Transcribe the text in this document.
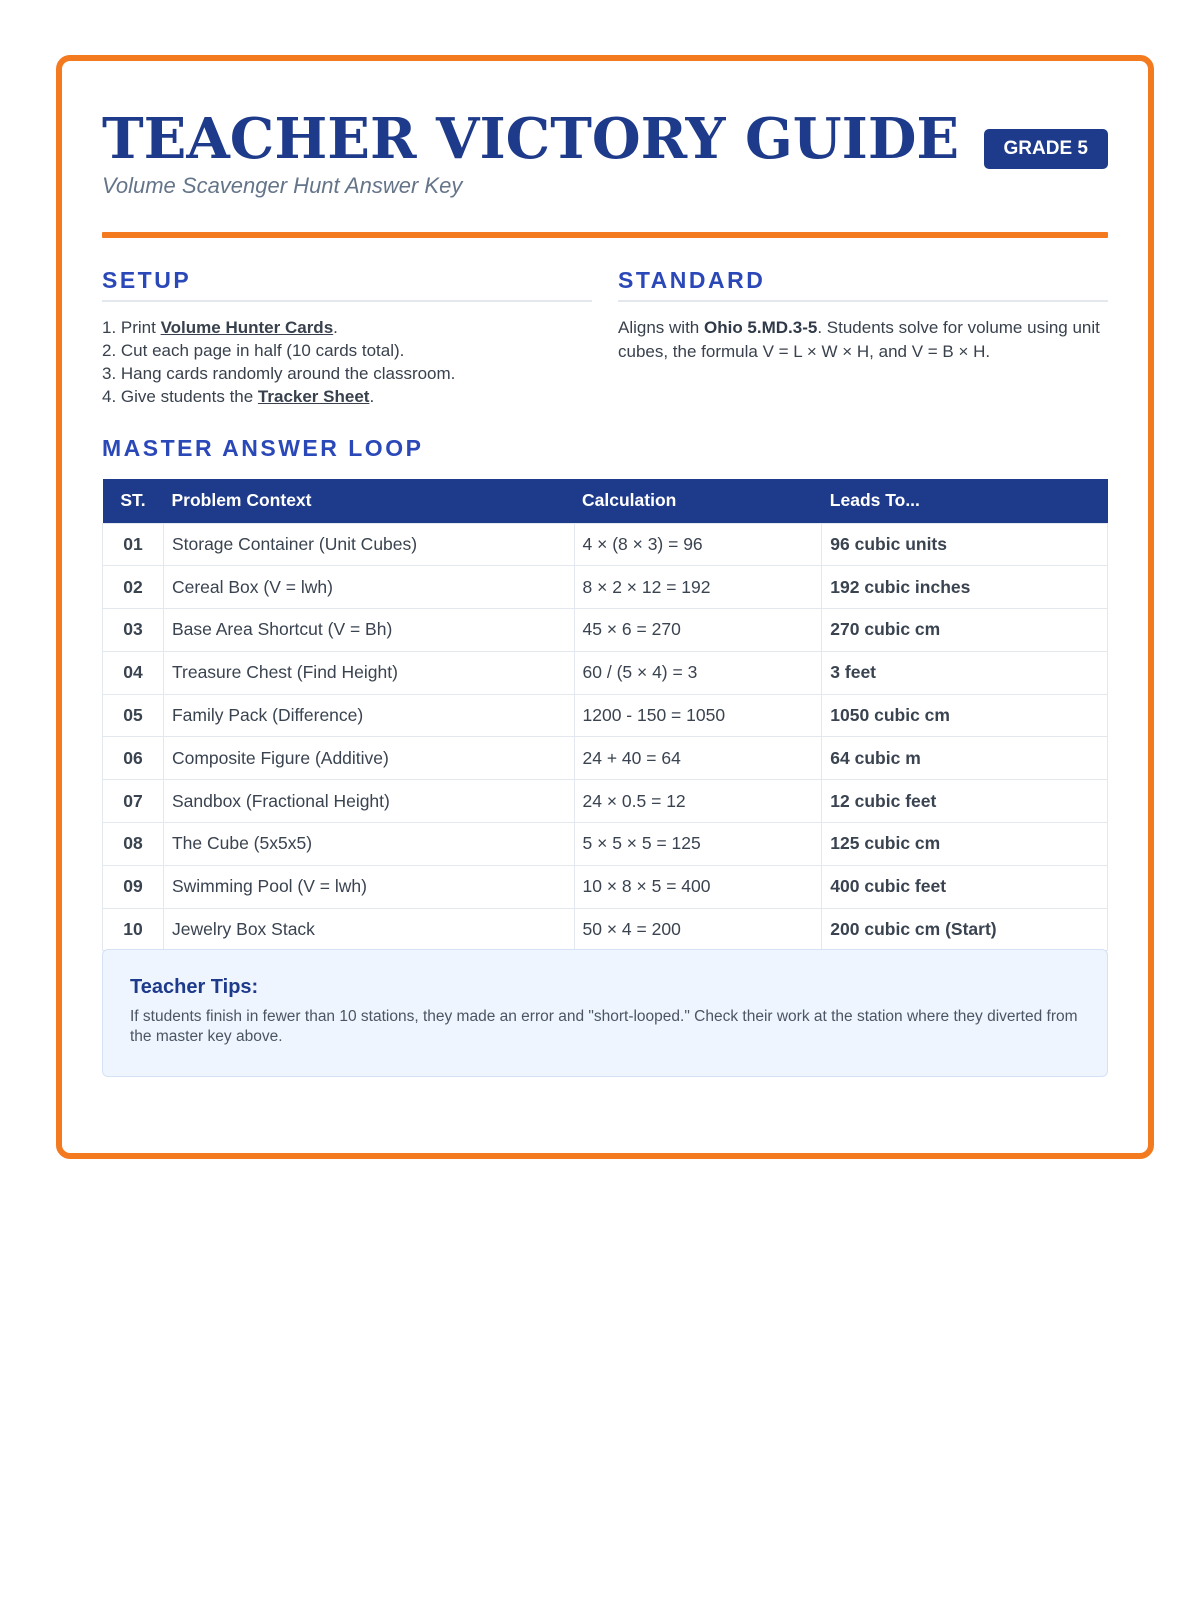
TEACHER VICTORY GUIDE
Volume Scavenger Hunt Answer Key
GRADE 5
SETUP
1. Print Volume Hunter Cards.
2. Cut each page in half (10 cards total).
3. Hang cards randomly around the classroom.
4. Give students the Tracker Sheet.
STANDARD
Aligns with Ohio 5.MD.3-5. Students solve for volume using unit cubes, the formula V = L × W × H, and V = B × H.
MASTER ANSWER LOOP
ST.	Problem Context	Calculation	Leads To...
01	Storage Container (Unit Cubes)	4 × (8 × 3) = 96	96 cubic units
02	Cereal Box (V = lwh)	8 × 2 × 12 = 192	192 cubic inches
03	Base Area Shortcut (V = Bh)	45 × 6 = 270	270 cubic cm
04	Treasure Chest (Find Height)	60 / (5 × 4) = 3	3 feet
05	Family Pack (Difference)	1200 - 150 = 1050	1050 cubic cm
06	Composite Figure (Additive)	24 + 40 = 64	64 cubic m
07	Sandbox (Fractional Height)	24 × 0.5 = 12	12 cubic feet
08	The Cube (5x5x5)	5 × 5 × 5 = 125	125 cubic cm
09	Swimming Pool (V = lwh)	10 × 8 × 5 = 400	400 cubic feet
10	Jewelry Box Stack	50 × 4 = 200	200 cubic cm (Start)
Teacher Tips:
If students finish in fewer than 10 stations, they made an error and "short-looped." Check their work at the station where they diverted from the master key above.
